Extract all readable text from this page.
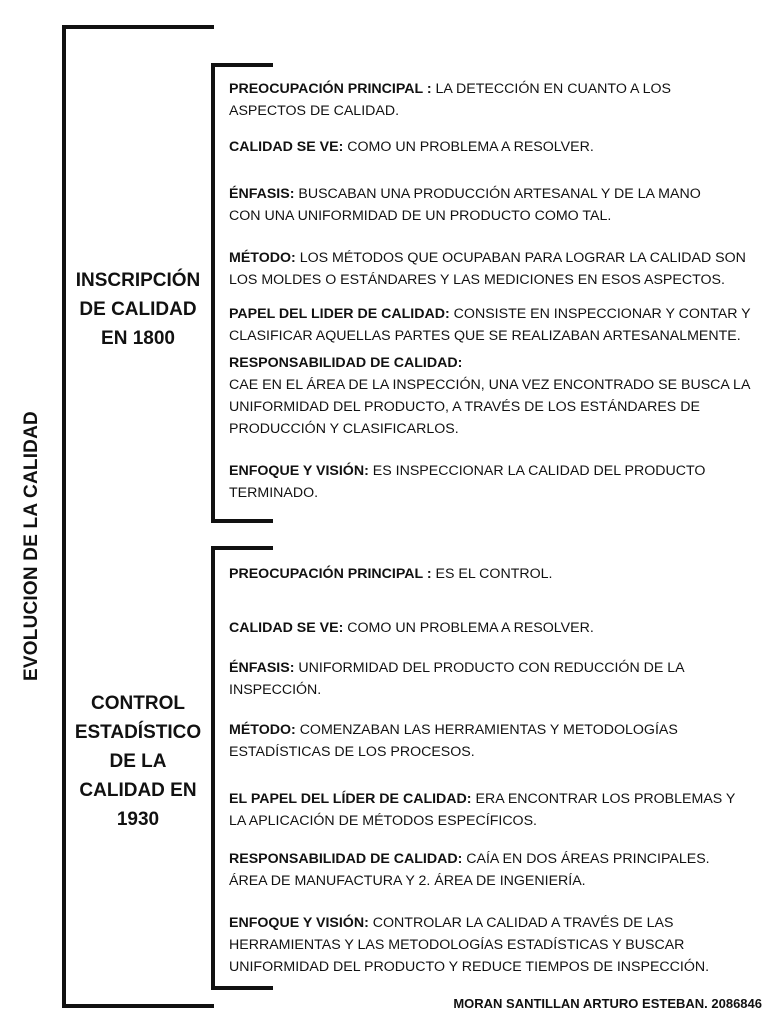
EVOLUCION DE LA CALIDAD
INSCRIPCIÓN DE CALIDAD EN 1800
CONTROL ESTADÍSTICO DE LA CALIDAD EN 1930
PREOCUPACIÓN PRINCIPAL : LA DETECCIÓN EN CUANTO A LOS ASPECTOS DE CALIDAD.
CALIDAD SE VE: COMO UN PROBLEMA A RESOLVER.
ÉNFASIS: BUSCABAN UNA PRODUCCIÓN ARTESANAL Y DE LA MANO CON UNA UNIFORMIDAD DE UN PRODUCTO COMO TAL.
MÉTODO: LOS MÉTODOS QUE OCUPABAN PARA LOGRAR LA CALIDAD SON LOS MOLDES O ESTÁNDARES Y LAS MEDICIONES EN ESOS ASPECTOS.
PAPEL DEL LIDER DE CALIDAD: CONSISTE EN INSPECCIONAR Y CONTAR Y CLASIFICAR AQUELLAS PARTES QUE SE REALIZABAN ARTESANALMENTE.
RESPONSABILIDAD DE CALIDAD:
CAE EN EL ÁREA DE LA INSPECCIÓN, UNA VEZ ENCONTRADO SE BUSCA LA UNIFORMIDAD DEL PRODUCTO, A TRAVÉS DE LOS ESTÁNDARES DE PRODUCCIÓN Y CLASIFICARLOS.
ENFOQUE Y VISIÓN: ES INSPECCIONAR LA CALIDAD DEL PRODUCTO TERMINADO.
PREOCUPACIÓN PRINCIPAL : ES EL CONTROL.
CALIDAD SE VE: COMO UN PROBLEMA A RESOLVER.
ÉNFASIS: UNIFORMIDAD DEL PRODUCTO CON REDUCCIÓN DE LA INSPECCIÓN.
MÉTODO: COMENZABAN LAS HERRAMIENTAS Y METODOLOGÍAS ESTADÍSTICAS DE LOS PROCESOS.
EL PAPEL DEL LÍDER DE CALIDAD: ERA ENCONTRAR LOS PROBLEMAS Y LA APLICACIÓN DE MÉTODOS ESPECÍFICOS.
RESPONSABILIDAD DE CALIDAD: CAÍA EN DOS ÁREAS PRINCIPALES. ÁREA DE MANUFACTURA Y 2. ÁREA DE INGENIERÍA.
ENFOQUE Y VISIÓN: CONTROLAR LA CALIDAD A TRAVÉS DE LAS HERRAMIENTAS Y LAS METODOLOGÍAS ESTADÍSTICAS Y BUSCAR UNIFORMIDAD DEL PRODUCTO Y REDUCE TIEMPOS DE INSPECCIÓN.
MORAN SANTILLAN ARTURO ESTEBAN. 2086846
